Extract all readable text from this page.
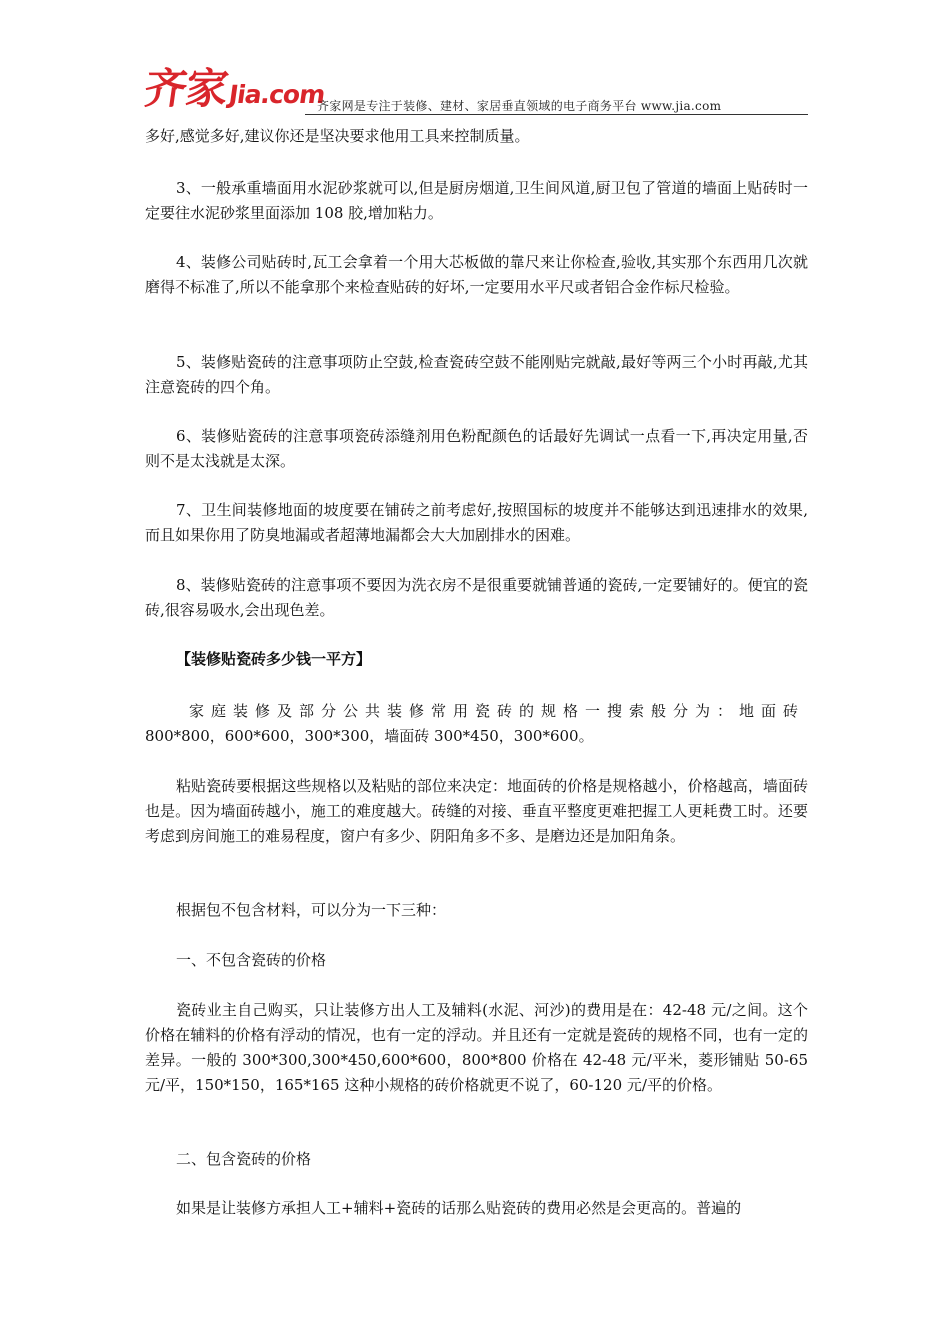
齐家Jia.com
齐家网是专注于装修、建材、家居垂直领域的电子商务平台 www.jia.com

多好,感觉多好,建议你还是坚决要求他用工具来控制质量。

3、一般承重墙面用水泥砂浆就可以,但是厨房烟道,卫生间风道,厨卫包了管道的墙面上贴砖时一定要往水泥砂浆里面添加 108 胶,增加粘力。

4、装修公司贴砖时,瓦工会拿着一个用大芯板做的靠尺来让你检查,验收,其实那个东西用几次就磨得不标准了,所以不能拿那个来检查贴砖的好坏,一定要用水平尺或者铝合金作标尺检验。

5、装修贴瓷砖的注意事项防止空鼓,检查瓷砖空鼓不能刚贴完就敲,最好等两三个小时再敲,尤其注意瓷砖的四个角。

6、装修贴瓷砖的注意事项瓷砖添缝剂用色粉配颜色的话最好先调试一点看一下,再决定用量,否则不是太浅就是太深。

7、卫生间装修地面的坡度要在铺砖之前考虑好,按照国标的坡度并不能够达到迅速排水的效果,而且如果你用了防臭地漏或者超薄地漏都会大大加剧排水的困难。

8、装修贴瓷砖的注意事项不要因为洗衣房不是很重要就铺普通的瓷砖,一定要铺好的。便宜的瓷砖,很容易吸水,会出现色差。

【装修贴瓷砖多少钱一平方】

家庭装修及部分公共装修常用瓷砖的规格一搜索般分为：地面砖

800*800，600*600，300*300，墙面砖 300*450，300*600。

粘贴瓷砖要根据这些规格以及粘贴的部位来决定：地面砖的价格是规格越小，价格越高，墙面砖也是。因为墙面砖越小，施工的难度越大。砖缝的对接、垂直平整度更难把握工人更耗费工时。还要考虑到房间施工的难易程度，窗户有多少、阴阳角多不多、是磨边还是加阳角条。

根据包不包含材料，可以分为一下三种：

一、不包含瓷砖的价格

瓷砖业主自己购买，只让装修方出人工及辅料(水泥、河沙)的费用是在：42-48 元/之间。这个价格在辅料的价格有浮动的情况，也有一定的浮动。并且还有一定就是瓷砖的规格不同，也有一定的差异。一般的 300*300,300*450,600*600，800*800 价格在 42-48 元/平米，菱形铺贴 50-65 元/平，150*150，165*165 这种小规格的砖价格就更不说了，60-120 元/平的价格。

二、包含瓷砖的价格

如果是让装修方承担人工+辅料+瓷砖的话那么贴瓷砖的费用必然是会更高的。普遍的
